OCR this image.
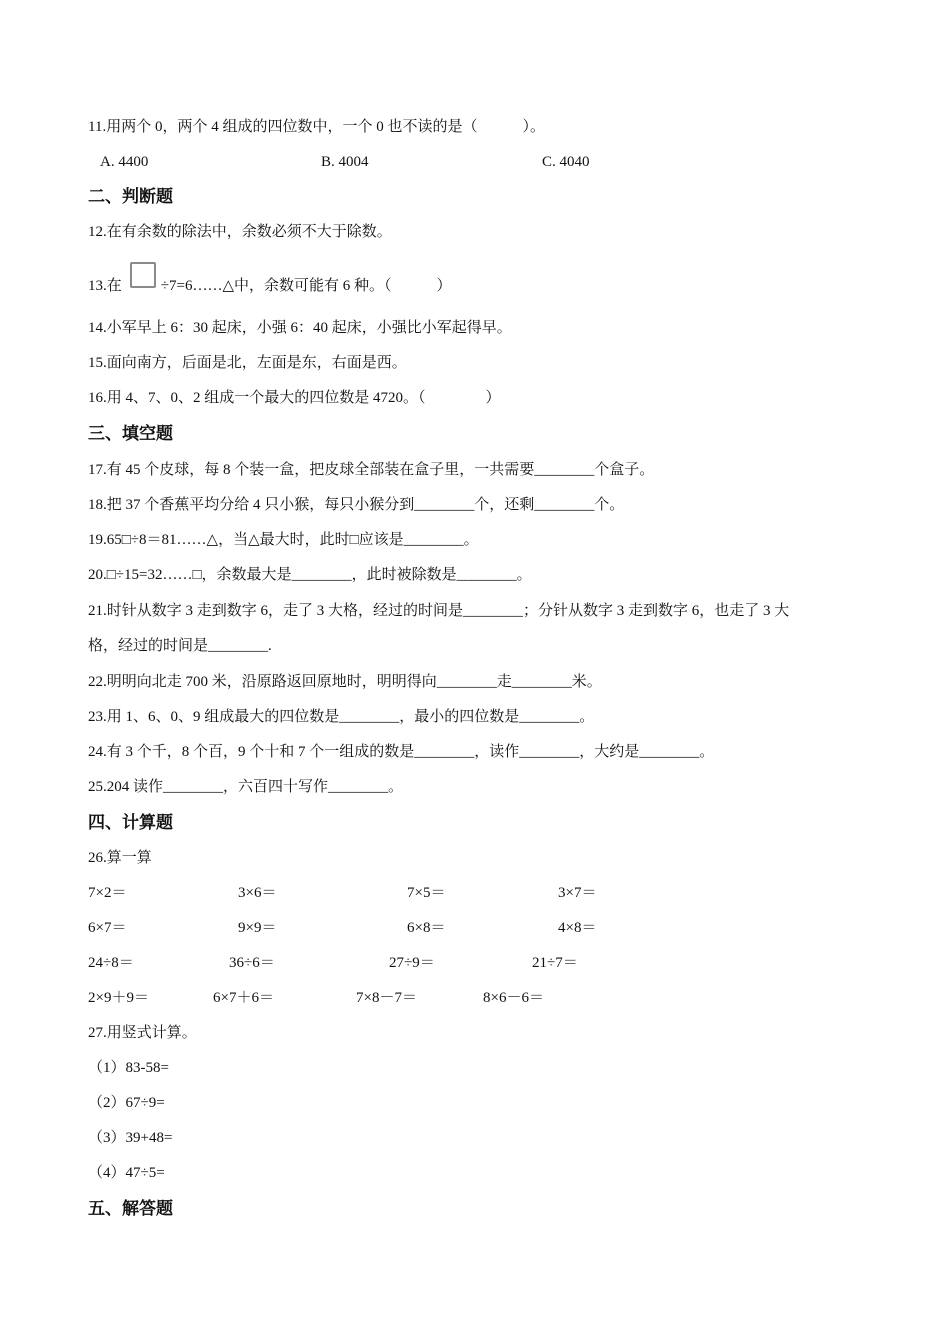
11.用两个 0，两个 4 组成的四位数中，一个 0 也不读的是（　　　）。
A. 4400	B. 4004	C. 4040
二、判断题
12.在有余数的除法中，余数必须不大于除数。
13.在	÷7=6……△中，余数可能有 6 种。（　　　）
14.小军早上 6：30 起床，小强 6：40 起床，小强比小军起得早。
15.面向南方，后面是北，左面是东，右面是西。
16.用 4、7、0、2 组成一个最大的四位数是 4720。（　　　　）
三、填空题
17.有 45 个皮球，每 8 个装一盒，把皮球全部装在盒子里，一共需要________个盒子。
18.把 37 个香蕉平均分给 4 只小猴，每只小猴分到________个，还剩________个。
19.65□÷8＝81……△，当△最大时，此时□应该是________。
20.□÷15=32……□，余数最大是________，此时被除数是________。
21.时针从数字 3 走到数字 6，走了 3 大格，经过的时间是________；分针从数字 3 走到数字 6，也走了 3 大
格，经过的时间是________.
22.明明向北走 700 米，沿原路返回原地时，明明得向________走________米。
23.用 1、6、0、9 组成最大的四位数是________，最小的四位数是________。
24.有 3 个千，8 个百，9 个十和 7 个一组成的数是________，读作________，大约是________。
25.204 读作________，六百四十写作________。
四、计算题
26.算一算
7×2＝	3×6＝	7×5＝	3×7＝
6×7＝	9×9＝	6×8＝	4×8＝
24÷8＝	36÷6＝	27÷9＝	21÷7＝
2×9＋9＝	6×7＋6＝	7×8－7＝	8×6－6＝
27.用竖式计算。
（1）83-58=
（2）67÷9=
（3）39+48=
（4）47÷5=
五、解答题
